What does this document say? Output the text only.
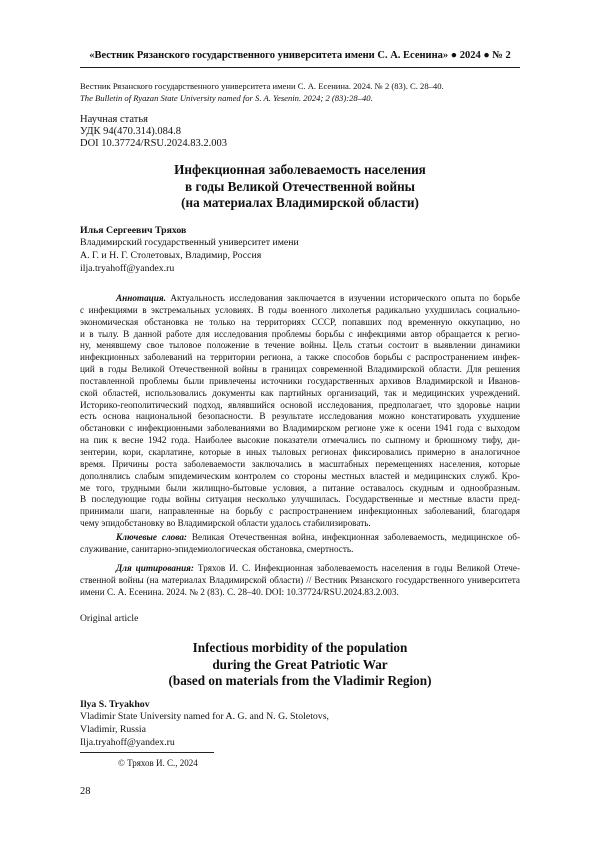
«Вестник Рязанского государственного университета имени С. А. Есенина» ● 2024 ● № 2
Вестник Рязанского государственного университета имени С. А. Есенина. 2024. № 2 (83). С. 28–40.
The Bulletin of Ryazan State University named for S. A. Yesenin. 2024; 2 (83):28–40.
Научная статья
УДК 94(470.314).084.8
DOI 10.37724/RSU.2024.83.2.003
Инфекционная заболеваемость населения
в годы Великой Отечественной войны
(на материалах Владимирской области)
Илья Сергеевич Тряхов
Владимирский государственный университет имени
А. Г. и Н. Г. Столетовых, Владимир, Россия
ilja.tryahoff@yandex.ru
Аннотация. Актуальность исследования заключается в изучении исторического опыта по борьбе
с инфекциями в экстремальных условиях. В годы военного лихолетья радикально ухудшилась социально-
экономическая обстановка не только на территориях СССР, попавших под временную оккупацию, но
и в тылу. В данной работе для исследования проблемы борьбы с инфекциями автор обращается к регио-
ну, менявшему свое тыловое положение в течение войны. Цель статьи состоит в выявлении динамики
инфекционных заболеваний на территории региона, а также способов борьбы с распространением инфек-
ций в годы Великой Отечественной войны в границах современной Владимирской области. Для решения
поставленной проблемы были привлечены источники государственных архивов Владимирской и Иванов-
ской областей, использовались документы как партийных организаций, так и медицинских учреждений.
Историко-геополитический подход, являвшийся основой исследования, предполагает, что здоровье нации
есть основа национальной безопасности. В результате исследования можно констатировать ухудшение
обстановки с инфекционными заболеваниями во Владимирском регионе уже к осени 1941 года с выходом
на пик к весне 1942 года. Наиболее высокие показатели отмечались по сыпному и брюшному тифу, ди-
зентерии, кори, скарлатине, которые в иных тыловых регионах фиксировались примерно в аналогичное
время. Причины роста заболеваемости заключались в масштабных перемещениях населения, которые
дополнялись слабым эпидемическим контролем со стороны местных властей и медицинских служб. Кро-
ме того, трудными были жилищно-бытовые условия, а питание оставалось скудным и однообразным.
В последующие годы войны ситуация несколько улучшилась. Государственные и местные власти пред-
принимали шаги, направленные на борьбу с распространением инфекционных заболеваний, благодаря
чему эпидобстановку во Владимирской области удалось стабилизировать.
Ключевые слова: Великая Отечественная война, инфекционная заболеваемость, медицинское об-
служивание, санитарно-эпидемиологическая обстановка, смертность.
Для цитирования: Тряхов И. С. Инфекционная заболеваемость населения в годы Великой Отече-
ственной войны (на материалах Владимирской области) // Вестник Рязанского государственного университета
имени С. А. Есенина. 2024. № 2 (83). С. 28–40. DOI: 10.37724/RSU.2024.83.2.003.
Original article
Infectious morbidity of the population
during the Great Patriotic War
(based on materials from the Vladimir Region)
Ilya S. Tryakhov
Vladimir State University named for A. G. and N. G. Stoletovs,
Vladimir, Russia
Ilja.tryahoff@yandex.ru
© Тряхов И. С., 2024
28
